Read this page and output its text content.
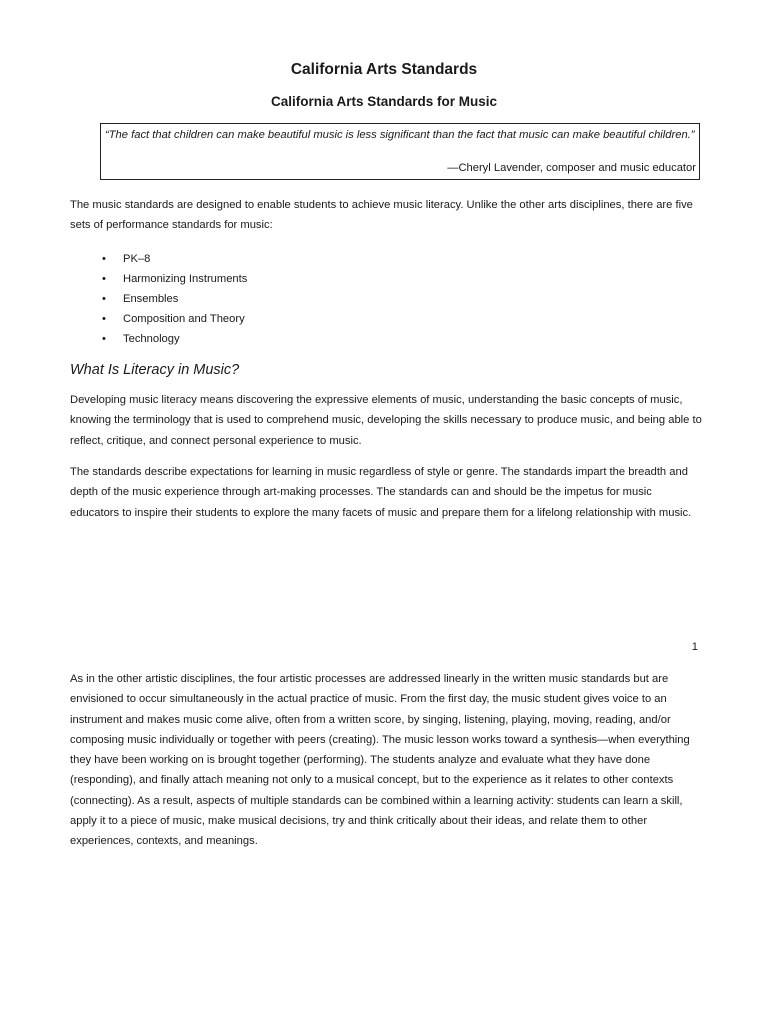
California Arts Standards
California Arts Standards for Music

“The fact that children can make beautiful music is less significant than the fact that music can make beautiful children.”

—Cheryl Lavender, composer and music educator

The music standards are designed to enable students to achieve music literacy. Unlike the other arts disciplines, there are five sets of performance standards for music:

• PK–8
• Harmonizing Instruments
• Ensembles
• Composition and Theory
• Technology
What Is Literacy in Music?

Developing music literacy means discovering the expressive elements of music, understanding the basic concepts of music, knowing the terminology that is used to comprehend music, developing the skills necessary to produce music, and being able to reflect, critique, and connect personal experience to music.

The standards describe expectations for learning in music regardless of style or genre. The standards impart the breadth and depth of the music experience through art-making processes. The standards can and should be the impetus for music educators to inspire their students to explore the many facets of music and prepare them for a lifelong relationship with music.

1

As in the other artistic disciplines, the four artistic processes are addressed linearly in the written music standards but are envisioned to occur simultaneously in the actual practice of music. From the first day, the music student gives voice to an instrument and makes music come alive, often from a written score, by singing, listening, playing, moving, reading, and/or composing music individually or together with peers (creating). The music lesson works toward a synthesis—when everything they have been working on is brought together (performing). The students analyze and evaluate what they have done (responding), and finally attach meaning not only to a musical concept, but to the experience as it relates to other contexts (connecting). As a result, aspects of multiple standards can be combined within a learning activity: students can learn a skill, apply it to a piece of music, make musical decisions, try and think critically about their ideas, and relate them to other experiences, contexts, and meanings.
